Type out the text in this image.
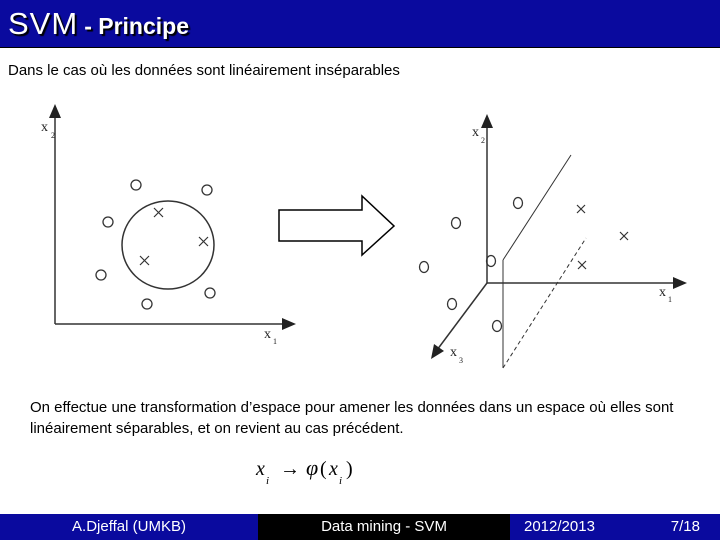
SVM - Principe
Dans le cas où les données sont linéairement inséparables
x
2
x 1
x
2
x 1
x
3
On effectue une transformation d’espace pour amener les données dans un espace où elles sont linéairement séparables, et on revient au cas précédent.
x
i
→ φ ( x
i
)
A.Djeffal (UMKB)	Data mining - SVM	2012/2013	7/18
